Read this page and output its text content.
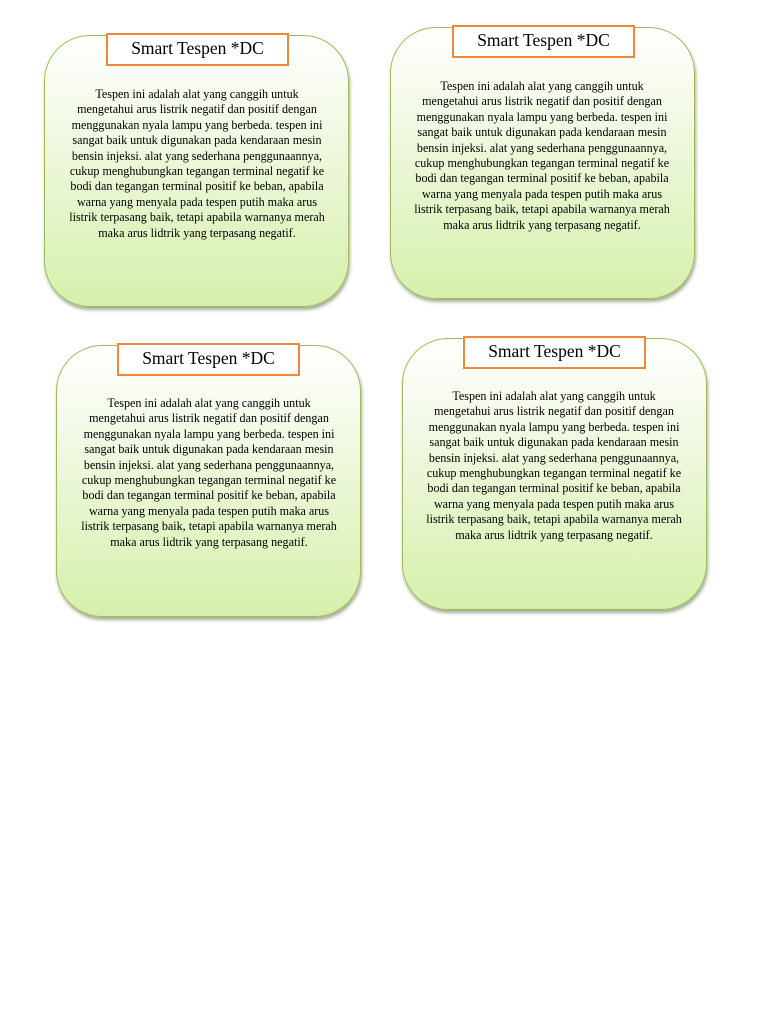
Smart Tespen *DC

Tespen ini adalah alat yang canggih untuk mengetahui arus listrik negatif dan positif dengan menggunakan nyala lampu yang berbeda. tespen ini sangat baik untuk digunakan pada kendaraan mesin bensin injeksi. alat yang sederhana penggunaannya, cukup menghubungkan tegangan terminal negatif ke bodi dan tegangan terminal positif ke beban, apabila warna yang menyala pada tespen putih maka arus listrik terpasang baik, tetapi apabila warnanya merah maka arus lidtrik yang terpasang negatif.

Smart Tespen *DC

Tespen ini adalah alat yang canggih untuk mengetahui arus listrik negatif dan positif dengan menggunakan nyala lampu yang berbeda. tespen ini sangat baik untuk digunakan pada kendaraan mesin bensin injeksi. alat yang sederhana penggunaannya, cukup menghubungkan tegangan terminal negatif ke bodi dan tegangan terminal positif ke beban, apabila warna yang menyala pada tespen putih maka arus listrik terpasang baik, tetapi apabila warnanya merah maka arus lidtrik yang terpasang negatif.

Smart Tespen *DC

Tespen ini adalah alat yang canggih untuk mengetahui arus listrik negatif dan positif dengan menggunakan nyala lampu yang berbeda. tespen ini sangat baik untuk digunakan pada kendaraan mesin bensin injeksi. alat yang sederhana penggunaannya, cukup menghubungkan tegangan terminal negatif ke bodi dan tegangan terminal positif ke beban, apabila warna yang menyala pada tespen putih maka arus listrik terpasang baik, tetapi apabila warnanya merah maka arus lidtrik yang terpasang negatif.

Smart Tespen *DC

Tespen ini adalah alat yang canggih untuk mengetahui arus listrik negatif dan positif dengan menggunakan nyala lampu yang berbeda. tespen ini sangat baik untuk digunakan pada kendaraan mesin bensin injeksi. alat yang sederhana penggunaannya, cukup menghubungkan tegangan terminal negatif ke bodi dan tegangan terminal positif ke beban, apabila warna yang menyala pada tespen putih maka arus listrik terpasang baik, tetapi apabila warnanya merah maka arus lidtrik yang terpasang negatif.
